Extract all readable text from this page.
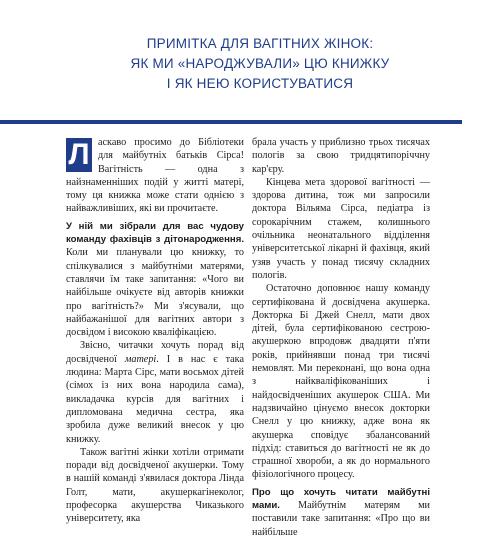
ПРИМІТКА ДЛЯ ВАГІТНИХ ЖІНОК:
ЯК МИ «НАРОДЖУВАЛИ» ЦЮ КНИЖКУ
І ЯК НЕЮ КОРИСТУВАТИСЯ

Л аскаво просимо до Бібліотеки для майбутніх батьків Сірса! Вагітність — одна з найзнаменніших подій у житті матері, тому ця книжка може стати однією з найважливіших, які ви прочитаєте.

У ній ми зібрали для вас чудову команду фахівців з дітонародження. Коли ми планували цю книжку, то спілкувалися з майбутніми матерями, ставлячи їм таке запитання: «Чого ви найбільше очікуєте від авторів книжки про вагітність?» Ми з'ясували, що найбажанішої для вагітних автори з досвідом і високою кваліфікацією.

Звісно, читачки хочуть порад від досвідченої матері. І в нас є така людина: Марта Сірс, мати восьмох дітей (сімох із них вона народила сама), викладачка курсів для вагітних і дипломована медична сестра, яка зробила дуже великий внесок у цю книжку.

Також вагітні жінки хотіли отримати поради від досвідченої акушерки. Тому в нашій команді з'явилася доктора Лінда Голт, мати, акушеркагінеколог, професорка акушерства Чиказького університету, яка

брала участь у приблизно трьох тисячах пологів за свою тридцятипоріччну кар'єру.

Кінцева мета здорової вагітності — здорова дитина, тож ми запросили доктора Вільяма Сірса, педіатра із сорокарічним стажем, колишнього очільника неонатального відділення університетської лікарні й фахівця, який узяв участь у понад тисячу складних пологів.

Остаточно доповнює нашу команду сертифікована й досвідчена акушерка. Докторка Бі Джей Снелл, мати двох дітей, була сертифікованою сестрою-акушеркою впродовж двадцяти п'яти років, прийнявши понад три тисячі немовлят. Ми переконані, що вона одна з найкваліфікованіших і найдосвідченіших акушерок США. Ми надзвичайно цінуємо внесок докторки Снелл у цю книжку, адже вона як акушерка сповідує збалансований підхід: ставиться до вагітності не як до страшної хвороби, а як до нормального фізіологічного процесу.

Про що хочуть читати майбутні мами. Майбутнім матерям ми поставили таке запитання: «Про що ви найбільше
